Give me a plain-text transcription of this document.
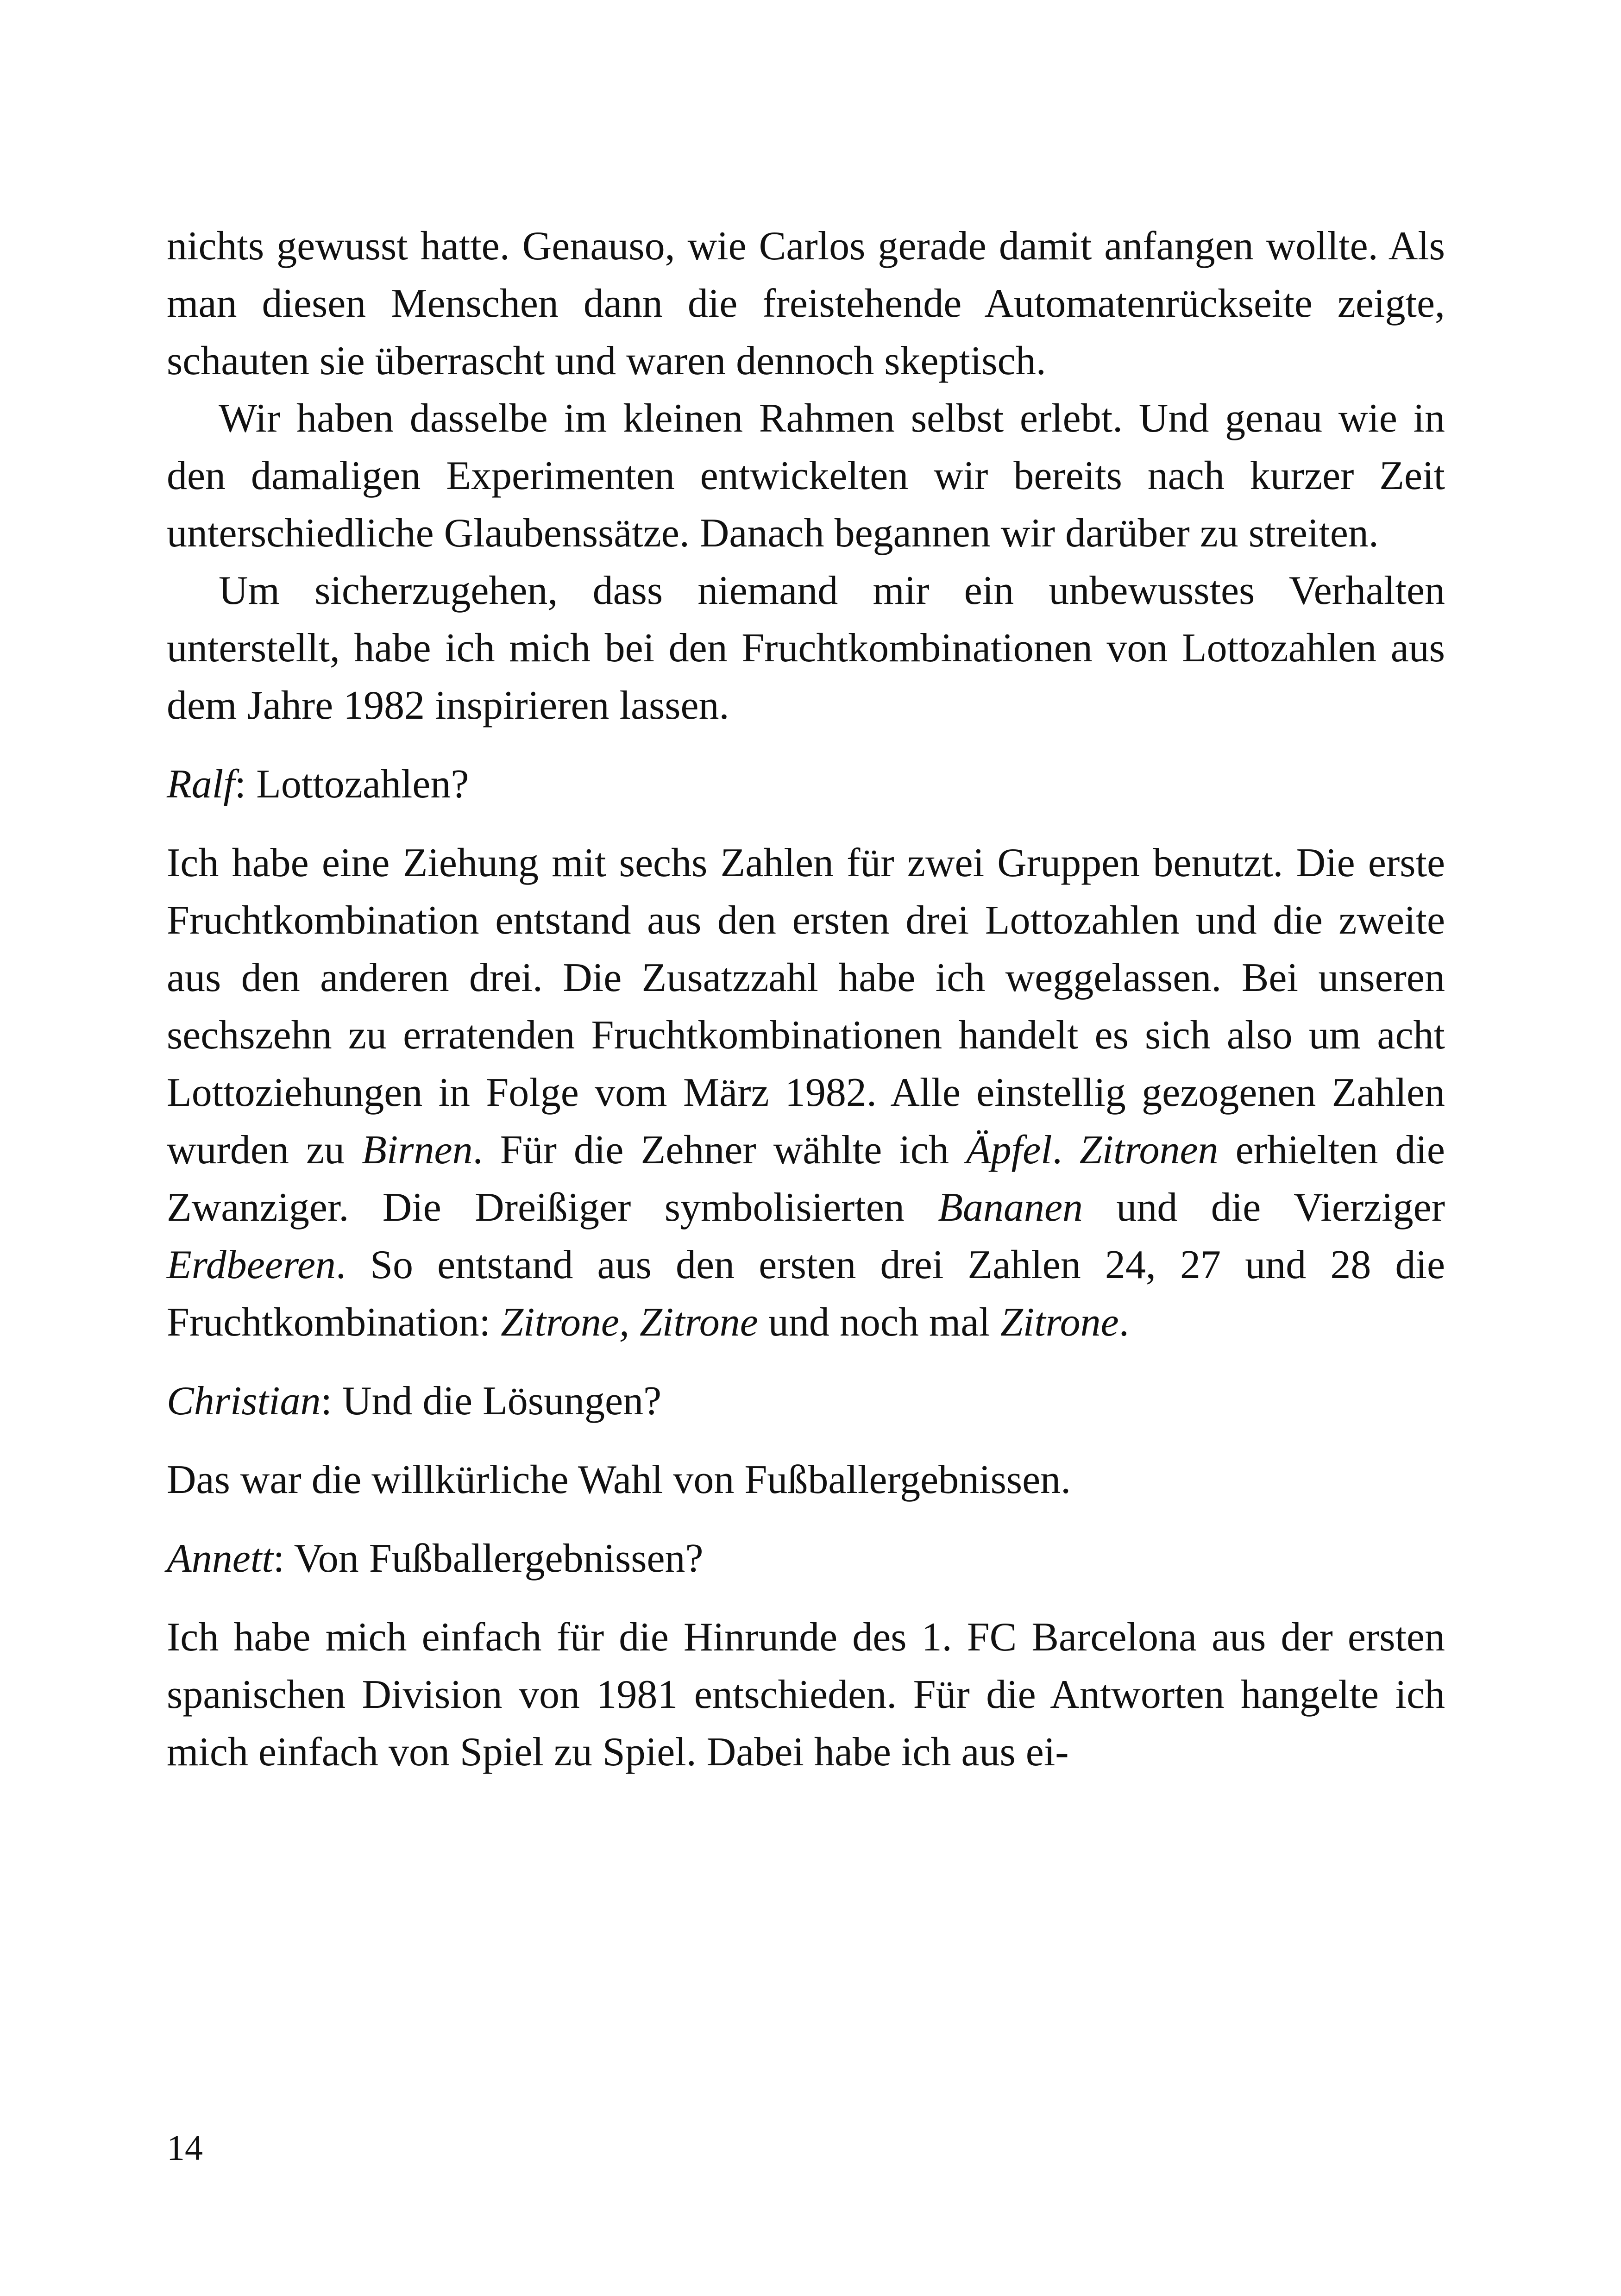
nichts gewusst hatte. Genauso, wie Carlos gerade damit anfangen wollte. Als man diesen Menschen dann die freistehende Automatenrückseite zeigte, schauten sie überrascht und waren dennoch skeptisch.

Wir haben dasselbe im kleinen Rahmen selbst erlebt. Und genau wie in den damaligen Experimenten entwickelten wir bereits nach kurzer Zeit unterschiedliche Glaubenssätze. Danach begannen wir darüber zu streiten.

Um sicherzugehen, dass niemand mir ein unbewusstes Verhalten unterstellt, habe ich mich bei den Fruchtkombinationen von Lottozahlen aus dem Jahre 1982 inspirieren lassen.

Ralf: Lottozahlen?

Ich habe eine Ziehung mit sechs Zahlen für zwei Gruppen benutzt. Die erste Fruchtkombination entstand aus den ersten drei Lottozahlen und die zweite aus den anderen drei. Die Zusatzzahl habe ich weggelassen. Bei unseren sechszehn zu erratenden Fruchtkombinationen handelt es sich also um acht Lottoziehungen in Folge vom März 1982. Alle einstellig gezogenen Zahlen wurden zu Birnen. Für die Zehner wählte ich Äpfel. Zitronen erhielten die Zwanziger. Die Dreißiger symbolisierten Bananen und die Vierziger Erdbeeren. So entstand aus den ersten drei Zahlen 24, 27 und 28 die Fruchtkombination: Zitrone, Zitrone und noch mal Zitrone.

Christian: Und die Lösungen?

Das war die willkürliche Wahl von Fußballergebnissen.

Annett: Von Fußballergebnissen?

Ich habe mich einfach für die Hinrunde des 1. FC Barcelona aus der ersten spanischen Division von 1981 entschieden. Für die Antworten hangelte ich mich einfach von Spiel zu Spiel. Dabei habe ich aus ei-

14
